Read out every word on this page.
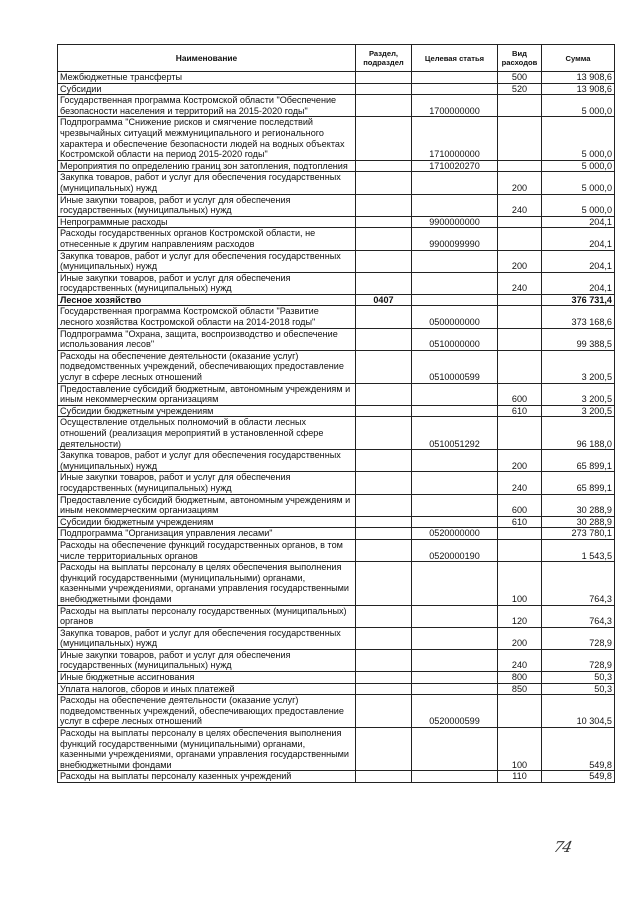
Наименование	Раздел, подраздел	Целевая статья	Вид расходов	Сумма
Межбюджетные трансферты			500	13 908,6
Субсидии			520	13 908,6
Государственная программа Костромской области "Обеспечение безопасности населения и территорий на 2015-2020 годы"		1700000000		5 000,0
Подпрограмма "Снижение рисков и смягчение последствий чрезвычайных ситуаций межмуниципального и регионального характера и обеспечение безопасности людей на водных объектах Костромской области на период 2015-2020 годы"		1710000000		5 000,0
Мероприятия по определению границ зон затопления, подтопления		1710020270		5 000,0
Закупка товаров, работ и услуг для обеспечения государственных (муниципальных) нужд			200	5 000,0
Иные закупки товаров, работ и услуг для обеспечения государственных (муниципальных) нужд			240	5 000,0
Непрограммные расходы		9900000000		204,1
Расходы государственных органов Костромской области, не отнесенные к другим направлениям расходов		9900099990		204,1
Закупка товаров, работ и услуг для обеспечения государственных (муниципальных) нужд			200	204,1
Иные закупки товаров, работ и услуг для обеспечения государственных (муниципальных) нужд			240	204,1
Лесное хозяйство	0407			376 731,4
Государственная программа Костромской области "Развитие лесного хозяйства Костромской области на 2014-2018 годы"		0500000000		373 168,6
Подпрограмма "Охрана, защита, воспроизводство и обеспечение использования лесов"		0510000000		99 388,5
Расходы на обеспечение деятельности (оказание услуг) подведомственных учреждений, обеспечивающих предоставление услуг в сфере лесных отношений		0510000599		3 200,5
Предоставление субсидий бюджетным, автономным учреждениям и иным некоммерческим организациям			600	3 200,5
Субсидии бюджетным учреждениям			610	3 200,5
Осуществление отдельных полномочий в области лесных отношений (реализация мероприятий в установленной сфере деятельности)		0510051292		96 188,0
Закупка товаров, работ и услуг для обеспечения государственных (муниципальных) нужд			200	65 899,1
Иные закупки товаров, работ и услуг для обеспечения государственных (муниципальных) нужд			240	65 899,1
Предоставление субсидий бюджетным, автономным учреждениям и иным некоммерческим организациям			600	30 288,9
Субсидии бюджетным учреждениям			610	30 288,9
Подпрограмма "Организация управления лесами"		0520000000		273 780,1
Расходы на обеспечение функций государственных органов, в том числе территориальных органов		0520000190		1 543,5
Расходы на выплаты персоналу в целях обеспечения выполнения функций государственными (муниципальными) органами, казенными учреждениями, органами управления государственными внебюджетными фондами			100	764,3
Расходы на выплаты персоналу государственных (муниципальных) органов			120	764,3
Закупка товаров, работ и услуг для обеспечения государственных (муниципальных) нужд			200	728,9
Иные закупки товаров, работ и услуг для обеспечения государственных (муниципальных) нужд			240	728,9
Иные бюджетные ассигнования			800	50,3
Уплата налогов, сборов и иных платежей			850	50,3
Расходы на обеспечение деятельности (оказание услуг) подведомственных учреждений, обеспечивающих предоставление услуг в сфере лесных отношений		0520000599		10 304,5
Расходы на выплаты персоналу в целях обеспечения выполнения функций государственными (муниципальными) органами, казенными учреждениями, органами управления государственными внебюджетными фондами			100	549,8
Расходы на выплаты персоналу казенных учреждений			110	549,8
74
